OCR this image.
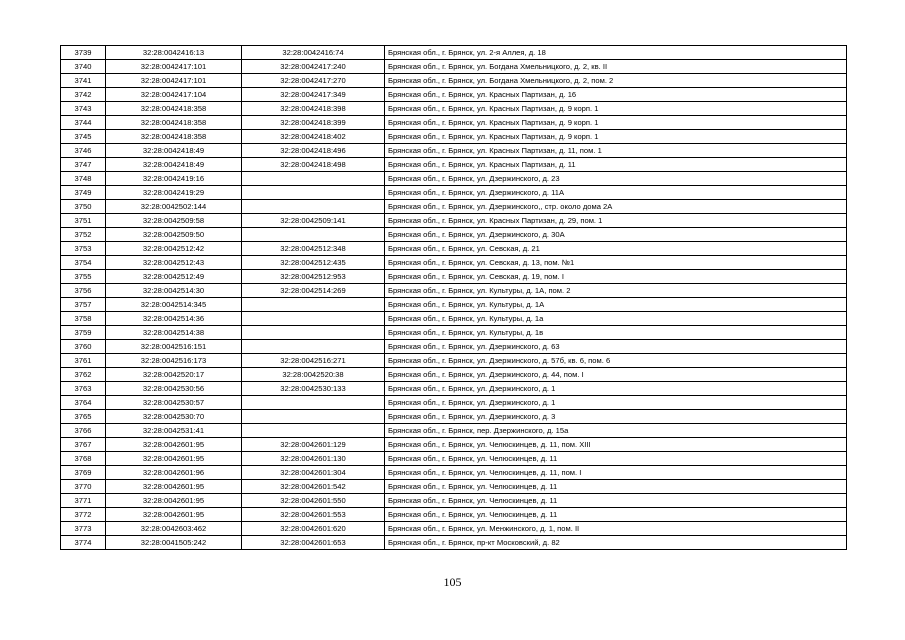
3739	32:28:0042416:13	32:28:0042416:74	Брянская обл., г. Брянск, ул. 2-я Аллея, д. 18
3740	32:28:0042417:101	32:28:0042417:240	Брянская обл., г. Брянск, ул. Богдана Хмельницкого, д. 2, кв. II
3741	32:28:0042417:101	32:28:0042417:270	Брянская обл., г. Брянск, ул. Богдана Хмельницкого, д. 2, пом. 2
3742	32:28:0042417:104	32:28:0042417:349	Брянская обл., г. Брянск, ул. Красных Партизан, д. 16
3743	32:28:0042418:358	32:28:0042418:398	Брянская обл., г. Брянск, ул. Красных Партизан, д. 9 корп. 1
3744	32:28:0042418:358	32:28:0042418:399	Брянская обл., г. Брянск, ул. Красных Партизан, д. 9 корп. 1
3745	32:28:0042418:358	32:28:0042418:402	Брянская обл., г. Брянск, ул. Красных Партизан, д. 9 корп. 1
3746	32:28:0042418:49	32:28:0042418:496	Брянская обл., г. Брянск, ул. Красных Партизан, д. 11, пом. 1
3747	32:28:0042418:49	32:28:0042418:498	Брянская обл., г. Брянск, ул. Красных Партизан, д. 11
3748	32:28:0042419:16		Брянская обл., г. Брянск, ул. Дзержинского, д. 23
3749	32:28:0042419:29		Брянская обл., г. Брянск, ул. Дзержинского, д. 11А
3750	32:28:0042502:144		Брянская обл., г. Брянск, ул. Дзержинского,, стр. около дома 2А
3751	32:28:0042509:58	32:28:0042509:141	Брянская обл., г. Брянск, ул. Красных Партизан, д. 29, пом. 1
3752	32:28:0042509:50		Брянская обл., г. Брянск, ул. Дзержинского, д. 30А
3753	32:28:0042512:42	32:28:0042512:348	Брянская обл., г. Брянск, ул. Севская, д. 21
3754	32:28:0042512:43	32:28:0042512:435	Брянская обл., г. Брянск, ул. Севская, д. 13, пом. №1
3755	32:28:0042512:49	32:28:0042512:953	Брянская обл., г. Брянск, ул. Севская, д. 19, пом. I
3756	32:28:0042514:30	32:28:0042514:269	Брянская обл., г. Брянск, ул. Культуры, д. 1А, пом. 2
3757	32:28:0042514:345		Брянская обл., г. Брянск, ул. Культуры, д. 1А
3758	32:28:0042514:36		Брянская обл., г. Брянск, ул. Культуры, д. 1а
3759	32:28:0042514:38		Брянская обл., г. Брянск, ул. Культуры, д. 1в
3760	32:28:0042516:151		Брянская обл., г. Брянск, ул. Дзержинского, д. 63
3761	32:28:0042516:173	32:28:0042516:271	Брянская обл., г. Брянск, ул. Дзержинского, д. 57б, кв. 6, пом. 6
3762	32:28:0042520:17	32:28:0042520:38	Брянская обл., г. Брянск, ул. Дзержинского, д. 44, пом. I
3763	32:28:0042530:56	32:28:0042530:133	Брянская обл., г. Брянск, ул. Дзержинского, д. 1
3764	32:28:0042530:57		Брянская обл., г. Брянск, ул. Дзержинского, д. 1
3765	32:28:0042530:70		Брянская обл., г. Брянск, ул. Дзержинского, д. 3
3766	32:28:0042531:41		Брянская обл., г. Брянск, пер. Дзержинского, д. 15а
3767	32:28:0042601:95	32:28:0042601:129	Брянская обл., г. Брянск, ул. Челюскинцев, д. 11, пом. XIII
3768	32:28:0042601:95	32:28:0042601:130	Брянская обл., г. Брянск, ул. Челюскинцев, д. 11
3769	32:28:0042601:96	32:28:0042601:304	Брянская обл., г. Брянск, ул. Челюскинцев, д. 11, пом. I
3770	32:28:0042601:95	32:28:0042601:542	Брянская обл., г. Брянск, ул. Челюскинцев, д. 11
3771	32:28:0042601:95	32:28:0042601:550	Брянская обл., г. Брянск, ул. Челюскинцев, д. 11
3772	32:28:0042601:95	32:28:0042601:553	Брянская обл., г. Брянск, ул. Челюскинцев, д. 11
3773	32:28:0042603:462	32:28:0042601:620	Брянская обл., г. Брянск, ул. Менжинского, д. 1, пом. II
3774	32:28:0041505:242	32:28:0042601:653	Брянская обл., г. Брянск, пр-кт Московский, д. 82
105
